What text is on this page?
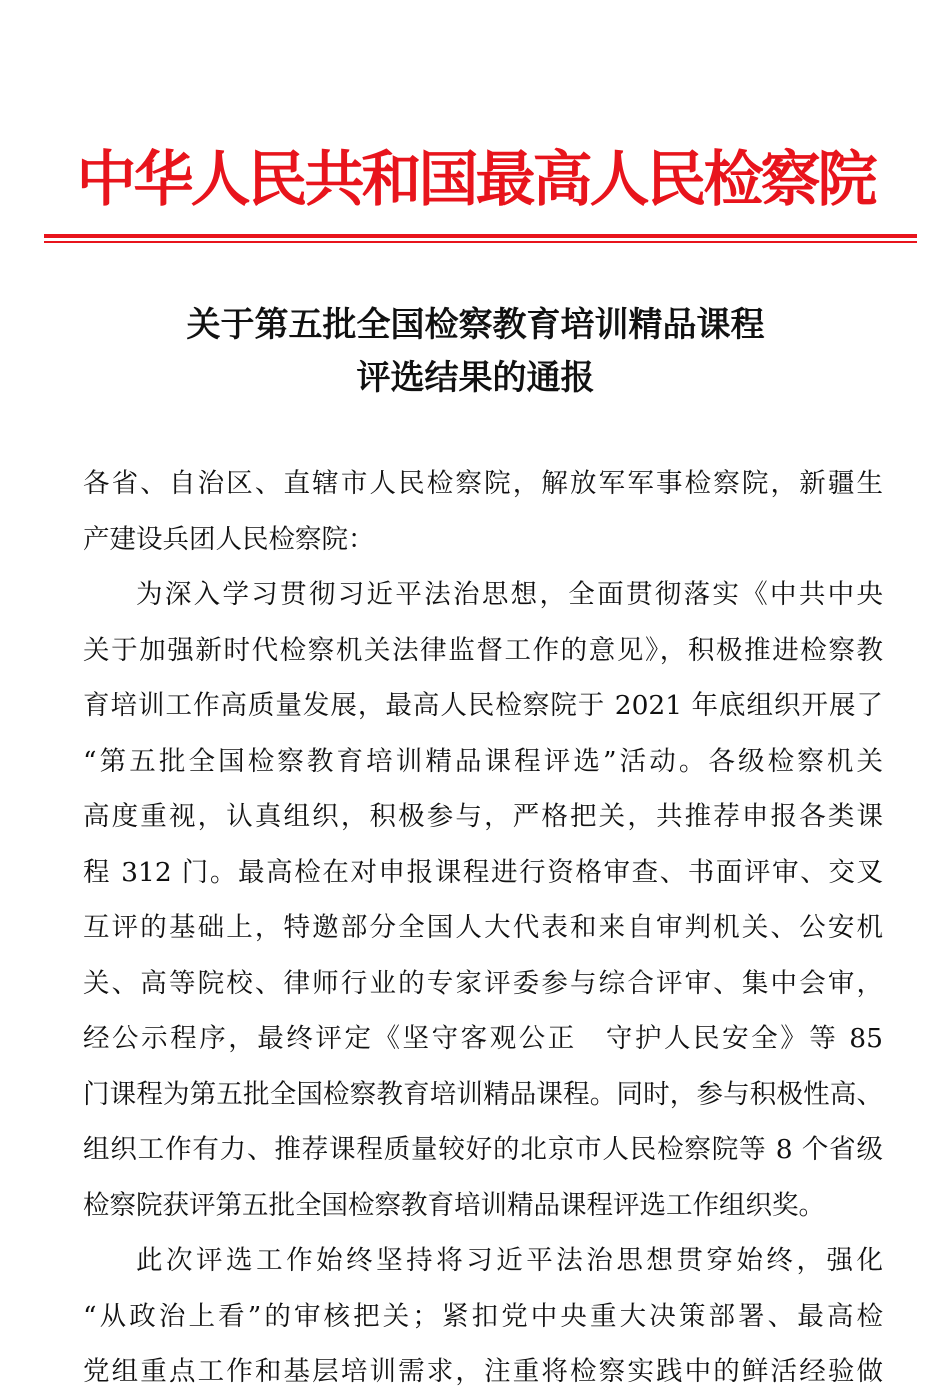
中华人民共和国最高人民检察院
关于第五批全国检察教育培训精品课程
评选结果的通报
各省、自治区、直辖市人民检察院，解放军军事检察院，新疆生
产建设兵团人民检察院：
为深入学习贯彻习近平法治思想，全面贯彻落实《中共中央
关于加强新时代检察机关法律监督工作的意见》，积极推进检察教
育培训工作高质量发展，最高人民检察院于 2021 年底组织开展了
“第五批全国检察教育培训精品课程评选”活动。各级检察机关
高度重视，认真组织，积极参与，严格把关，共推荐申报各类课
程 312 门。最高检在对申报课程进行资格审查、书面评审、交叉
互评的基础上，特邀部分全国人大代表和来自审判机关、公安机
关、高等院校、律师行业的专家评委参与综合评审、集中会审，
经公示程序，最终评定《坚守客观公正　守护人民安全》等 85
门课程为第五批全国检察教育培训精品课程。同时，参与积极性高、
组织工作有力、推荐课程质量较好的北京市人民检察院等 8 个省级
检察院获评第五批全国检察教育培训精品课程评选工作组织奖。
此次评选工作始终坚持将习近平法治思想贯穿始终，强化
“从政治上看”的审核把关；紧扣党中央重大决策部署、最高检
党组重点工作和基层培训需求，注重将检察实践中的鲜活经验做
